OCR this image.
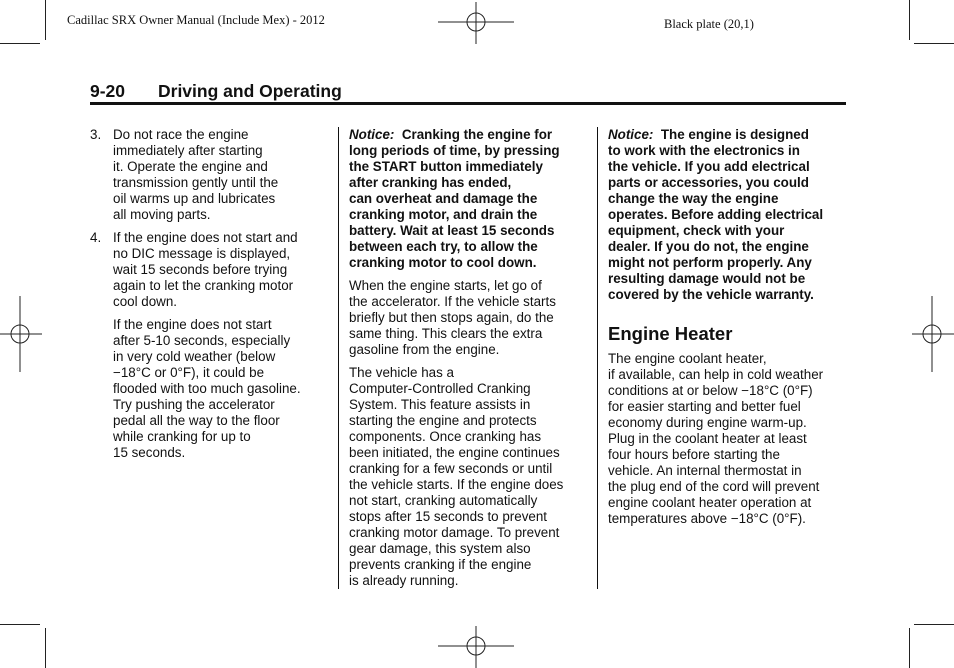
Cadillac SRX Owner Manual (Include Mex) - 2012	Black plate (20,1)
9-20 Driving and Operating
3. Do not race the engine
immediately after starting
it. Operate the engine and
transmission gently until the
oil warms up and lubricates
all moving parts.
4. If the engine does not start and
no DIC message is displayed,
wait 15 seconds before trying
again to let the cranking motor
cool down.
If the engine does not start
after 5-10 seconds, especially
in very cold weather (below
−18°C or 0°F), it could be
flooded with too much gasoline.
Try pushing the accelerator
pedal all the way to the floor
while cranking for up to
15 seconds.
Notice: Cranking the engine for
long periods of time, by pressing
the START button immediately
after cranking has ended,
can overheat and damage the
cranking motor, and drain the
battery. Wait at least 15 seconds
between each try, to allow the
cranking motor to cool down.

When the engine starts, let go of
the accelerator. If the vehicle starts
briefly but then stops again, do the
same thing. This clears the extra
gasoline from the engine.

The vehicle has a
Computer-Controlled Cranking
System. This feature assists in
starting the engine and protects
components. Once cranking has
been initiated, the engine continues
cranking for a few seconds or until
the vehicle starts. If the engine does
not start, cranking automatically
stops after 15 seconds to prevent
cranking motor damage. To prevent
gear damage, this system also
prevents cranking if the engine
is already running.

Notice: The engine is designed
to work with the electronics in
the vehicle. If you add electrical
parts or accessories, you could
change the way the engine
operates. Before adding electrical
equipment, check with your
dealer. If you do not, the engine
might not perform properly. Any
resulting damage would not be
covered by the vehicle warranty.
Engine Heater

The engine coolant heater,
if available, can help in cold weather
conditions at or below −18°C (0°F)
for easier starting and better fuel
economy during engine warm-up.
Plug in the coolant heater at least
four hours before starting the
vehicle. An internal thermostat in
the plug end of the cord will prevent
engine coolant heater operation at
temperatures above −18°C (0°F).
